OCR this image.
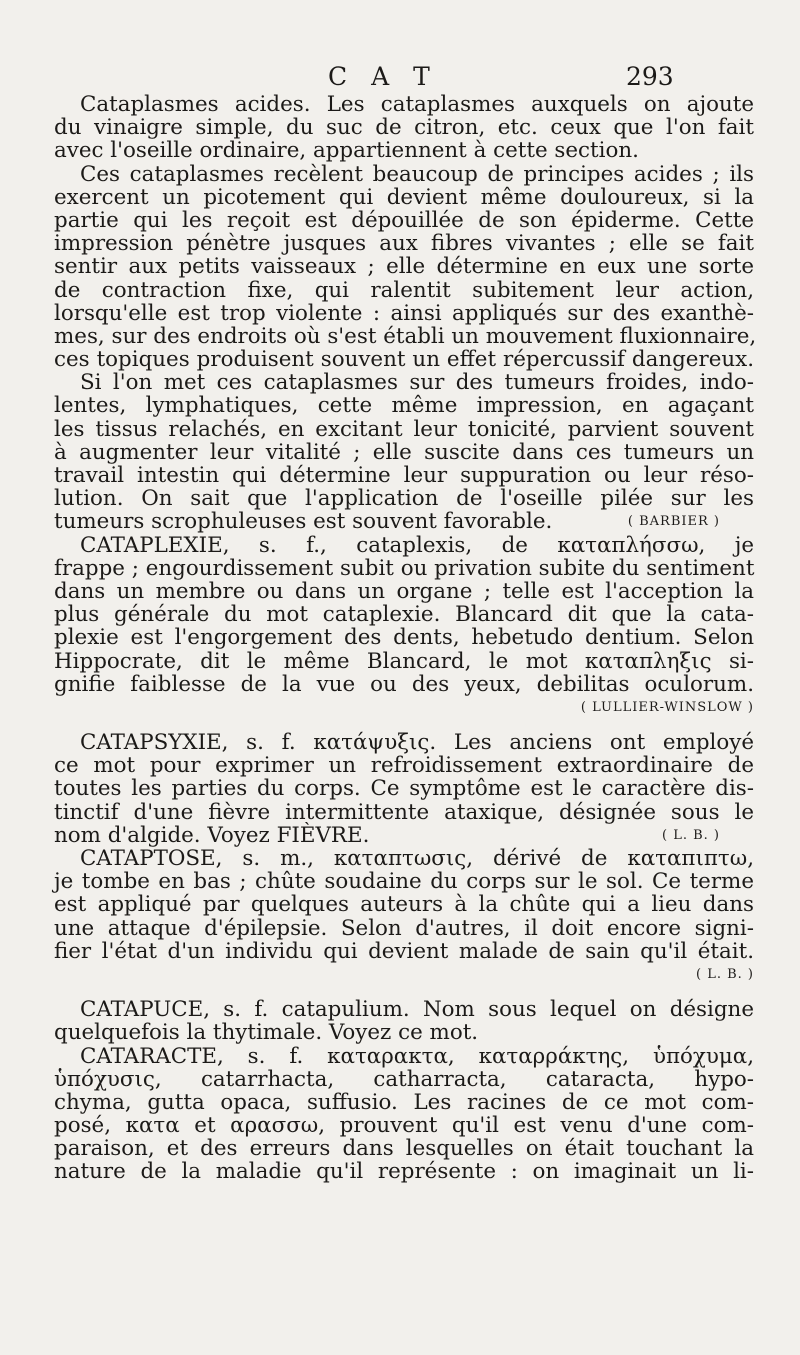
C A T	293
Cataplasmes acides. Les cataplasmes auxquels on ajoute
du vinaigre simple, du suc de citron, etc. ceux que l'on fait
avec l'oseille ordinaire, appartiennent à cette section.
Ces cataplasmes recèlent beaucoup de principes acides ; ils
exercent un picotement qui devient même douloureux, si la
partie qui les reçoit est dépouillée de son épiderme. Cette
impression pénètre jusques aux fibres vivantes ; elle se fait
sentir aux petits vaisseaux ; elle détermine en eux une sorte
de contraction fixe, qui ralentit subitement leur action,
lorsqu'elle est trop violente : ainsi appliqués sur des exanthè-
mes, sur des endroits où s'est établi un mouvement fluxionnaire,
ces topiques produisent souvent un effet répercussif dangereux.
Si l'on met ces cataplasmes sur des tumeurs froides, indo-
lentes, lymphatiques, cette même impression, en agaçant
les tissus relachés, en excitant leur tonicité, parvient souvent
à augmenter leur vitalité ; elle suscite dans ces tumeurs un
travail intestin qui détermine leur suppuration ou leur réso-
lution. On sait que l'application de l'oseille pilée sur les
tumeurs scrophuleuses est souvent favorable.	( BARBIER )
CATAPLEXIE, s. f., cataplexis, de καταπλήσσω, je
frappe ; engourdissement subit ou privation subite du sentiment
dans un membre ou dans un organe ; telle est l'acception la
plus générale du mot cataplexie. Blancard dit que la cata-
plexie est l'engorgement des dents, hebetudo dentium. Selon
Hippocrate, dit le même Blancard, le mot καταπληξις si-
gnifie faiblesse de la vue ou des yeux, debilitas oculorum.
( LULLIER-WINSLOW )
CATAPSYXIE, s. f. κατάψυξις. Les anciens ont employé
ce mot pour exprimer un refroidissement extraordinaire de
toutes les parties du corps. Ce symptôme est le caractère dis-
tinctif d'une fièvre intermittente ataxique, désignée sous le
nom d'algide. Voyez FIÈVRE.	( L. B. )
CATAPTOSE, s. m., καταπτωσις, dérivé de καταπιπτω,
je tombe en bas ; chûte soudaine du corps sur le sol. Ce terme
est appliqué par quelques auteurs à la chûte qui a lieu dans
une attaque d'épilepsie. Selon d'autres, il doit encore signi-
fier l'état d'un individu qui devient malade de sain qu'il était.
( L. B. )
CATAPUCE, s. f. catapulium. Nom sous lequel on désigne
quelquefois la thytimale. Voyez ce mot.
CATARACTE, s. f. καταρακτα, καταρράκτης, ὑπόχυμα,
ὑπόχυσις, catarrhacta, catharracta, cataracta, hypo-
chyma, gutta opaca, suffusio. Les racines de ce mot com-
posé, κατα et αρασσω, prouvent qu'il est venu d'une com-
paraison, et des erreurs dans lesquelles on était touchant la
nature de la maladie qu'il représente : on imaginait un li-
